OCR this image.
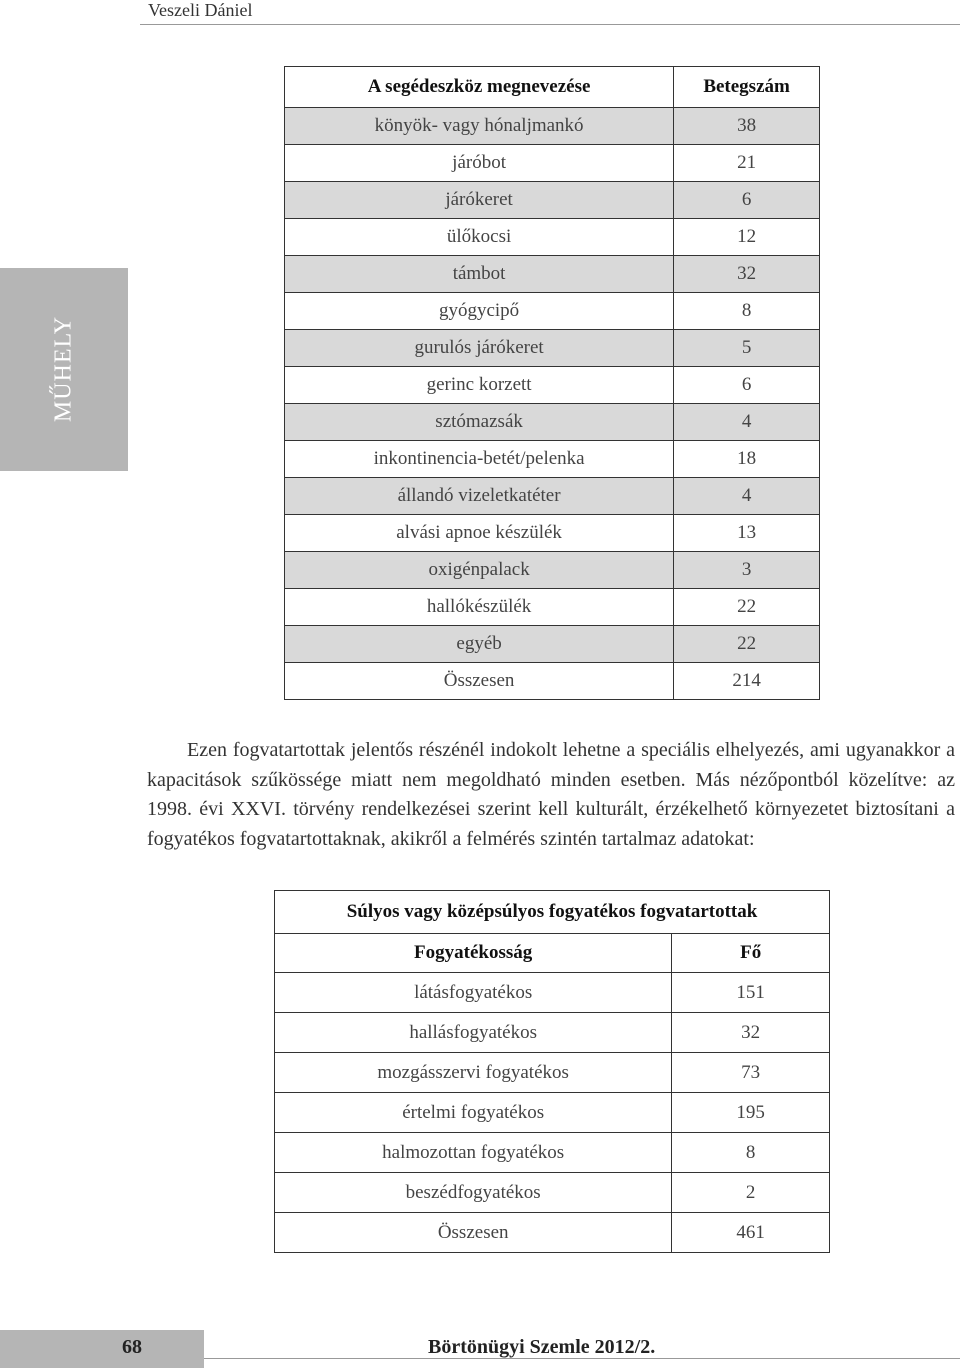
Veszeli Dániel
MŰHELY
A segédeszköz megnevezése	Betegszám
könyök- vagy hónaljmankó	38
járóbot	21
járókeret	6
ülőkocsi	12
támbot	32
gyógycipő	8
gurulós járókeret	5
gerinc korzett	6
sztómazsák	4
inkontinencia-betét/pelenka	18
állandó vizeletkatéter	4
alvási apnoe készülék	13
oxigénpalack	3
hallókészülék	22
egyéb	22
Összesen	214
Ezen fogvatartottak jelentős részénél indokolt lehetne a speciális elhelyezés, ami ugyanakkor a kapacitások szűkössége miatt nem megoldható minden esetben. Más nézőpontból közelítve: az 1998. évi XXVI. törvény rendelkezései szerint kell kulturált, érzékelhető környezetet biztosítani a fogyatékos fogvatartottaknak, akikről a felmérés szintén tartalmaz adatokat:
Súlyos vagy középsúlyos fogyatékos fogvatartottak	
Fogyatékosság	Fő
látásfogyatékos	151
hallásfogyatékos	32
mozgásszervi fogyatékos	73
értelmi fogyatékos	195
halmozottan fogyatékos	8
beszédfogyatékos	2
Összesen	461
68	Börtönügyi Szemle 2012/2.
